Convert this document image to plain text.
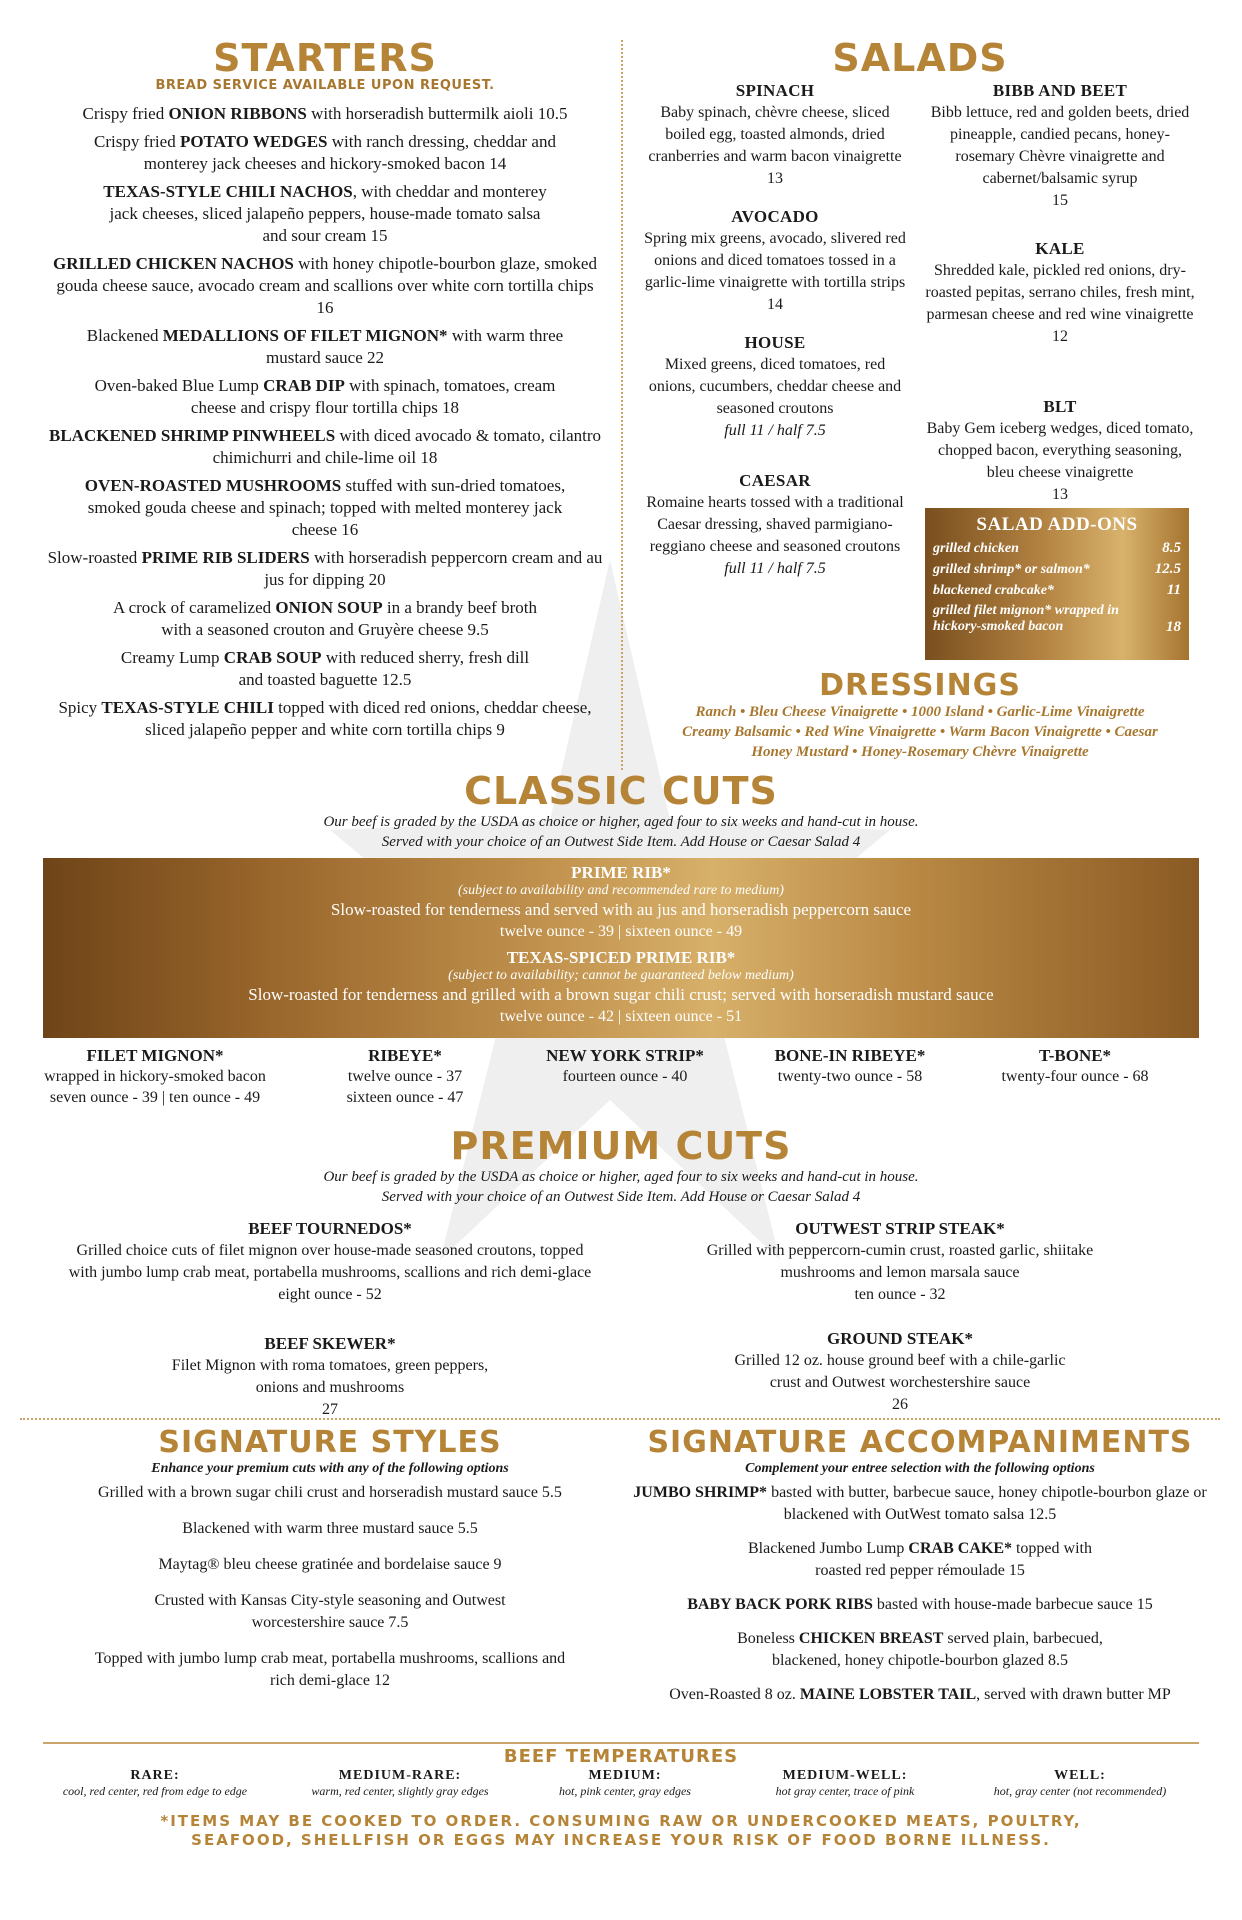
STARTERS
BREAD SERVICE AVAILABLE UPON REQUEST.
Crispy fried ONION RIBBONS with horseradish buttermilk aioli 10.5
Crispy fried POTATO WEDGES with ranch dressing, cheddar and monterey jack cheeses and hickory-smoked bacon 14
TEXAS-STYLE CHILI NACHOS, with cheddar and monterey jack cheeses, sliced jalapeño peppers, house-made tomato salsa and sour cream 15
GRILLED CHICKEN NACHOS with honey chipotle-bourbon glaze, smoked gouda cheese sauce, avocado cream and scallions over white corn tortilla chips 16
Blackened MEDALLIONS OF FILET MIGNON* with warm three mustard sauce 22
Oven-baked Blue Lump CRAB DIP with spinach, tomatoes, cream cheese and crispy flour tortilla chips 18
BLACKENED SHRIMP PINWHEELS with diced avocado & tomato, cilantro chimichurri and chile-lime oil 18
OVEN-ROASTED MUSHROOMS stuffed with sun-dried tomatoes, smoked gouda cheese and spinach; topped with melted monterey jack cheese 16
Slow-roasted PRIME RIB SLIDERS with horseradish peppercorn cream and au jus for dipping 20
A crock of caramelized ONION SOUP in a brandy beef broth with a seasoned crouton and Gruyère cheese 9.5
Creamy Lump CRAB SOUP with reduced sherry, fresh dill and toasted baguette 12.5
Spicy TEXAS-STYLE CHILI topped with diced red onions, cheddar cheese, sliced jalapeño pepper and white corn tortilla chips 9
SALADS
SPINACH
Baby spinach, chèvre cheese, sliced boiled egg, toasted almonds, dried cranberries and warm bacon vinaigrette 13
AVOCADO
Spring mix greens, avocado, slivered red onions and diced tomatoes tossed in a garlic-lime vinaigrette with tortilla strips 14
HOUSE
Mixed greens, diced tomatoes, red onions, cucumbers, cheddar cheese and seasoned croutons
full 11 / half 7.5
CAESAR
Romaine hearts tossed with a traditional Caesar dressing, shaved parmigiano-reggiano cheese and seasoned croutons
full 11 / half 7.5
BIBB AND BEET
Bibb lettuce, red and golden beets, dried pineapple, candied pecans, honey-rosemary Chèvre vinaigrette and cabernet/balsamic syrup
15
KALE
Shredded kale, pickled red onions, dry-roasted pepitas, serrano chiles, fresh mint, parmesan cheese and red wine vinaigrette
12
BLT
Baby Gem iceberg wedges, diced tomato, chopped bacon, everything seasoning, bleu cheese vinaigrette
13
SALAD ADD-ONS
grilled chicken	8.5
grilled shrimp* or salmon*	12.5
blackened crabcake*	11
grilled filet mignon* wrapped in hickory-smoked bacon	18
DRESSINGS
Ranch • Bleu Cheese Vinaigrette • 1000 Island • Garlic-Lime Vinaigrette
Creamy Balsamic • Red Wine Vinaigrette • Warm Bacon Vinaigrette • Caesar
Honey Mustard • Honey-Rosemary Chèvre Vinaigrette
CLASSIC CUTS
Our beef is graded by the USDA as choice or higher, aged four to six weeks and hand-cut in house.
Served with your choice of an Outwest Side Item. Add House or Caesar Salad 4
PRIME RIB*
(subject to availability and recommended rare to medium)
Slow-roasted for tenderness and served with au jus and horseradish peppercorn sauce
twelve ounce - 39 | sixteen ounce - 49
TEXAS-SPICED PRIME RIB*
(subject to availability; cannot be guaranteed below medium)
Slow-roasted for tenderness and grilled with a brown sugar chili crust; served with horseradish mustard sauce
twelve ounce - 42 | sixteen ounce - 51
FILET MIGNON*
wrapped in hickory-smoked bacon
seven ounce - 39 | ten ounce - 49
RIBEYE*
twelve ounce - 37
sixteen ounce - 47
NEW YORK STRIP*
fourteen ounce - 40
BONE-IN RIBEYE*
twenty-two ounce - 58
T-BONE*
twenty-four ounce - 68
PREMIUM CUTS
Our beef is graded by the USDA as choice or higher, aged four to six weeks and hand-cut in house.
Served with your choice of an Outwest Side Item. Add House or Caesar Salad 4
BEEF TOURNEDOS*
Grilled choice cuts of filet mignon over house-made seasoned croutons, topped with jumbo lump crab meat, portabella mushrooms, scallions and rich demi-glace
eight ounce - 52
BEEF SKEWER*
Filet Mignon with roma tomatoes, green peppers, onions and mushrooms
27
OUTWEST STRIP STEAK*
Grilled with peppercorn-cumin crust, roasted garlic, shiitake mushrooms and lemon marsala sauce
ten ounce - 32
GROUND STEAK*
Grilled 12 oz. house ground beef with a chile-garlic crust and Outwest worchestershire sauce
26
SIGNATURE STYLES
Enhance your premium cuts with any of the following options
Grilled with a brown sugar chili crust and horseradish mustard sauce 5.5
Blackened with warm three mustard sauce 5.5
Maytag® bleu cheese gratinée and bordelaise sauce 9
Crusted with Kansas City-style seasoning and Outwest worcestershire sauce 7.5
Topped with jumbo lump crab meat, portabella mushrooms, scallions and rich demi-glace 12
SIGNATURE ACCOMPANIMENTS
Complement your entree selection with the following options
JUMBO SHRIMP* basted with butter, barbecue sauce, honey chipotle-bourbon glaze or blackened with OutWest tomato salsa 12.5
Blackened Jumbo Lump CRAB CAKE* topped with roasted red pepper rémoulade 15
BABY BACK PORK RIBS basted with house-made barbecue sauce 15
Boneless CHICKEN BREAST served plain, barbecued, blackened, honey chipotle-bourbon glazed 8.5
Oven-Roasted 8 oz. MAINE LOBSTER TAIL, served with drawn butter MP
BEEF TEMPERATURES
RARE:
cool, red center, red from edge to edge
MEDIUM-RARE:
warm, red center, slightly gray edges
MEDIUM:
hot, pink center, gray edges
MEDIUM-WELL:
hot gray center, trace of pink
WELL:
hot, gray center (not recommended)
*ITEMS MAY BE COOKED TO ORDER. CONSUMING RAW OR UNDERCOOKED MEATS, POULTRY,
SEAFOOD, SHELLFISH OR EGGS MAY INCREASE YOUR RISK OF FOOD BORNE ILLNESS.
